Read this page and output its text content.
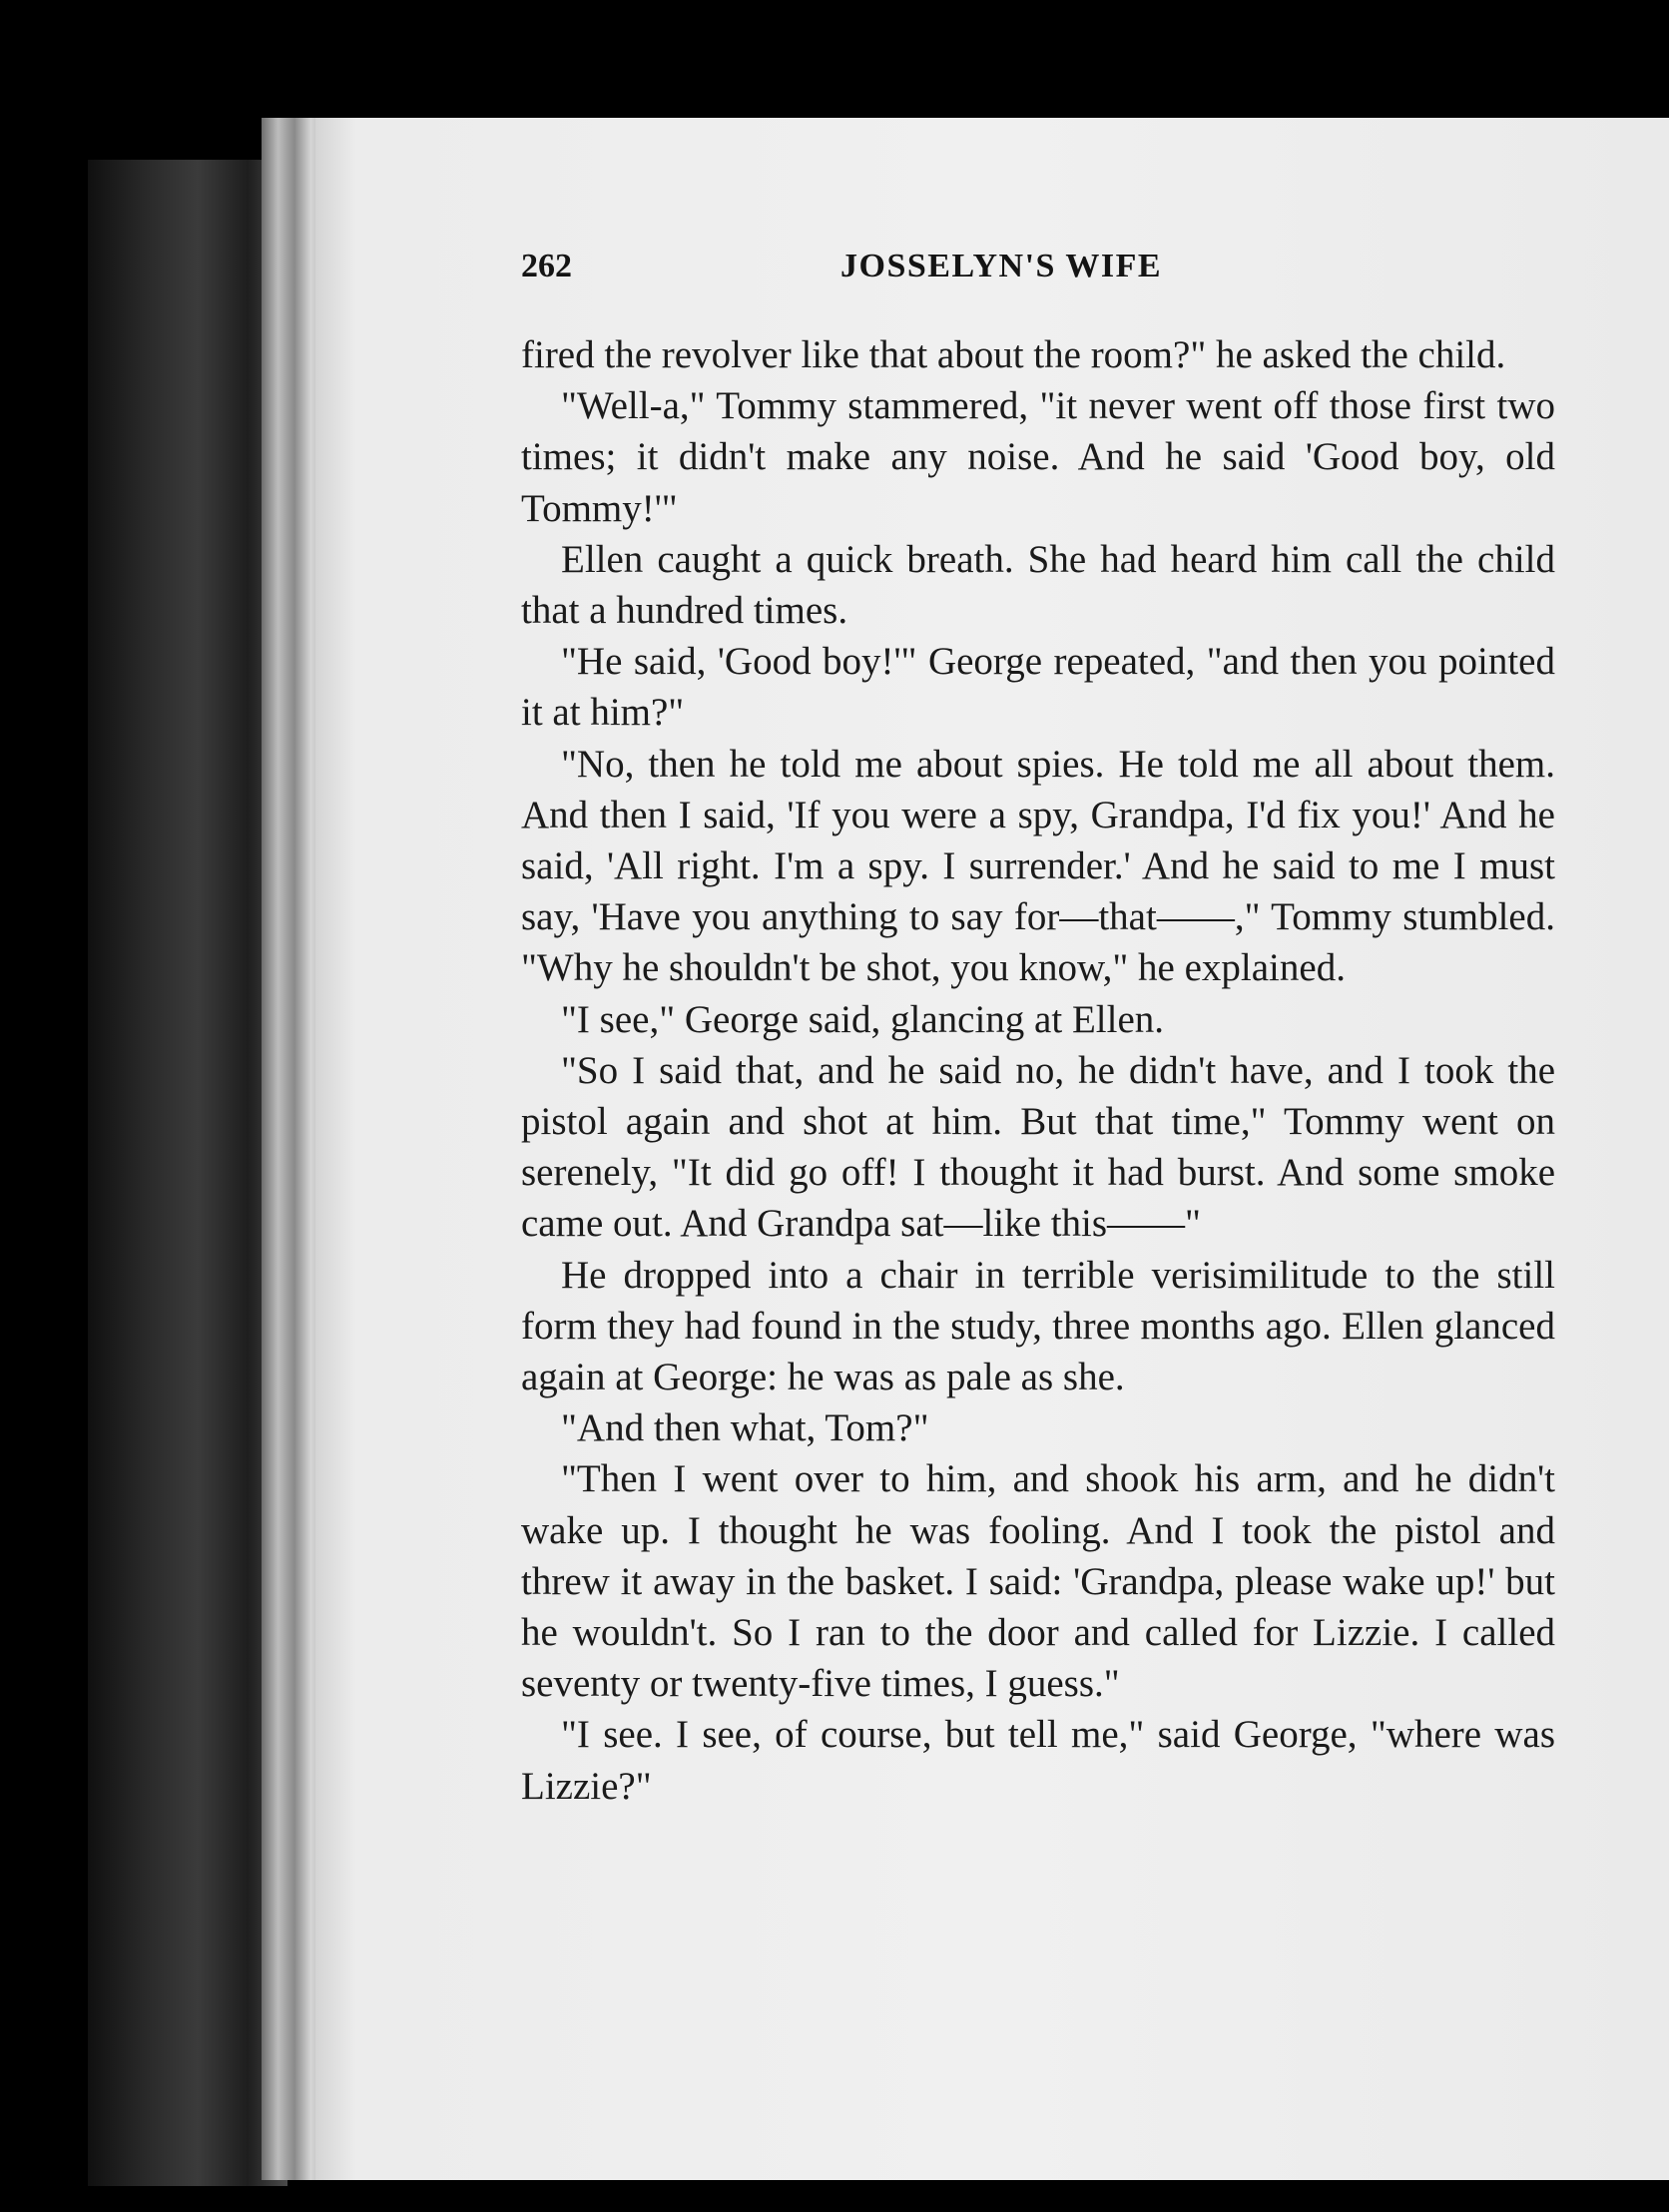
262	JOSSELYN'S WIFE

fired the revolver like that about the room?" he asked the child.

"Well-a," Tommy stammered, "it never went off those first two times; it didn't make any noise. And he said 'Good boy, old Tommy!'"

Ellen caught a quick breath. She had heard him call the child that a hundred times.

"He said, 'Good boy!'" George repeated, "and then you pointed it at him?"

"No, then he told me about spies. He told me all about them. And then I said, 'If you were a spy, Grandpa, I'd fix you!' And he said, 'All right. I'm a spy. I surrender.' And he said to me I must say, 'Have you anything to say for—that——," Tommy stumbled. "Why he shouldn't be shot, you know," he explained.

"I see," George said, glancing at Ellen.

"So I said that, and he said no, he didn't have, and I took the pistol again and shot at him. But that time," Tommy went on serenely, "It did go off! I thought it had burst. And some smoke came out. And Grandpa sat—like this——"

He dropped into a chair in terrible verisimilitude to the still form they had found in the study, three months ago. Ellen glanced again at George: he was as pale as she.

"And then what, Tom?"

"Then I went over to him, and shook his arm, and he didn't wake up. I thought he was fooling. And I took the pistol and threw it away in the basket. I said: 'Grandpa, please wake up!' but he wouldn't. So I ran to the door and called for Lizzie. I called seventy or twenty-five times, I guess."

"I see. I see, of course, but tell me," said George, "where was Lizzie?"
